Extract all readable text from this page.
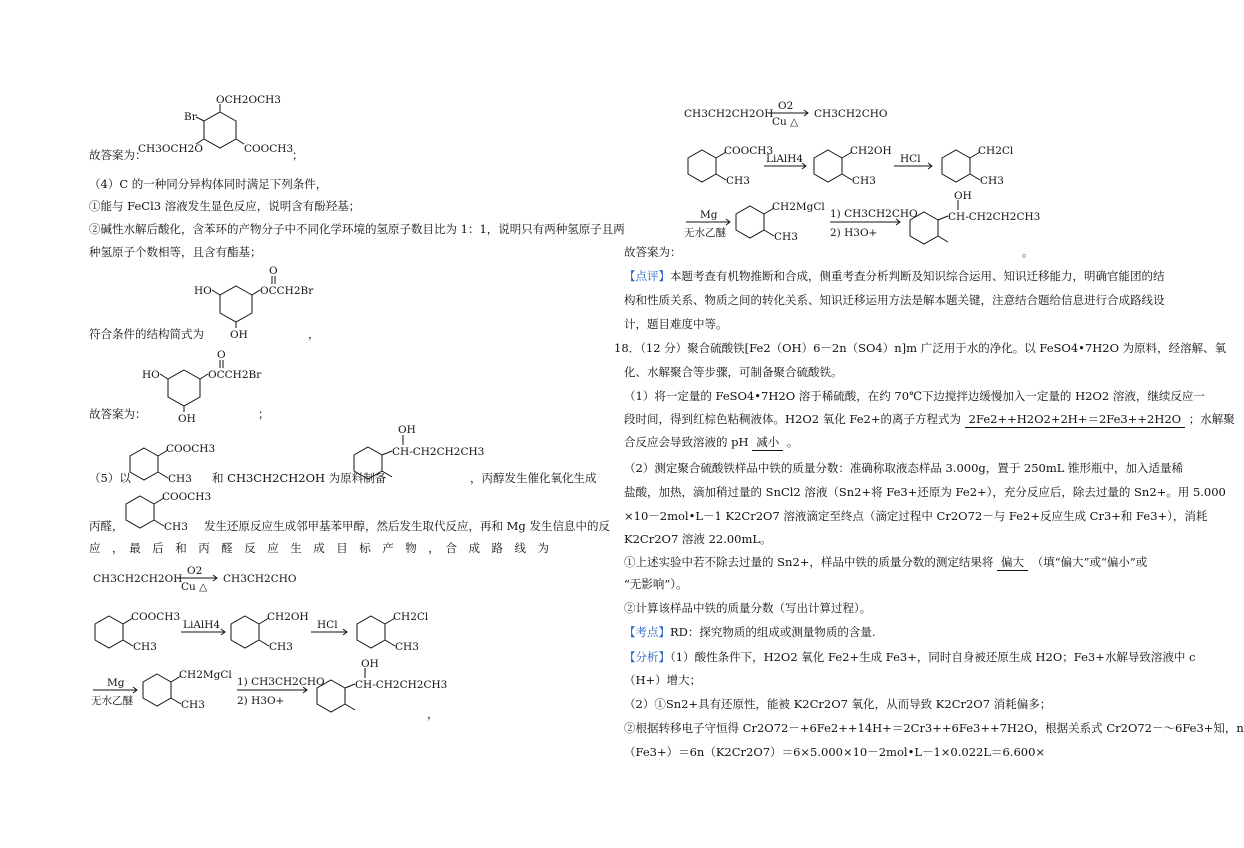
OCH2OCH3
Br
CH3OCH2O	COOCH3
故答案为：	；
（4）C 的一种同分异构体同时满足下列条件，
①能与 FeCl3 溶液发生显色反应，说明含有酚羟基；
②碱性水解后酸化，含苯环的产物分子中不同化学环境的氢原子数目比为 1：1，说明只有两种氢原子且两
种氢原子个数相等，且含有酯基；
HO
OH
O
OCCH2Br
符合条件的结构简式为	，
HO
OH
O
OCCH2Br
故答案为：	；
COOCH3
CH3
（5）以	和 CH3CH2CH2OH 为原料制备
OH
CH-CH2CH2CH3
，丙醇发生催化氧化生成
COOCH3
CH3
丙醛，	发生还原反应生成邻甲基苯甲醇，然后发生取代反应，再和 Mg 发生信息中的反
应　，　最　后　和　丙　醛　反　应　生　成　目　标　产　物　，　合　成　路　线　为
CH3CH2CH2OH
O2
Cu △
CH3CH2CHO
COOCH3
CH3
LiAlH4
CH2OH
CH3
HCl
CH2Cl
CH3
Mg
无水乙醚
CH2MgCl
CH3
1) CH3CH2CHO
2) H3O+
OH
CH-CH2CH2CH3
，
CH3CH2CH2OH
O2
Cu △
CH3CH2CHO
COOCH3
CH3
LiAlH4
CH2OH
CH3
HCl
CH2Cl
CH3
Mg
无水乙醚
CH2MgCl
CH3
1) CH3CH2CHO
2) H3O+
OH
CH-CH2CH2CH3
故答案为：	。
【点评】本题考查有机物推断和合成，侧重考查分析判断及知识综合运用、知识迁移能力，明确官能团的结
构和性质关系、物质之间的转化关系、知识迁移运用方法是解本题关键，注意结合题给信息进行合成路线设
计，题目难度中等。
18．（12 分）聚合硫酸铁[Fe2（OH）6－2n（SO4）n]m 广泛用于水的净化。以 FeSO4•7H2O 为原料，经溶解、氧
化、水解聚合等步骤，可制备聚合硫酸铁。
（1）将一定量的 FeSO4•7H2O 溶于稀硫酸，在约 70℃下边搅拌边缓慢加入一定量的 H2O2 溶液，继续反应一
段时间，得到红棕色粘稠液体。H2O2 氧化 Fe2+的离子方程式为 2Fe2++H2O2+2H+＝2Fe3++2H2O ；水解聚
合反应会导致溶液的 pH 减小 。
（2）测定聚合硫酸铁样品中铁的质量分数：准确称取液态样品 3.000g，置于 250mL 锥形瓶中，加入适量稀
盐酸，加热，滴加稍过量的 SnCl2 溶液（Sn2+将 Fe3+还原为 Fe2+），充分反应后，除去过量的 Sn2+。用 5.000
×10－2mol•L－1 K2Cr2O7 溶液滴定至终点（滴定过程中 Cr2O72－与 Fe2+反应生成 Cr3+和 Fe3+），消耗
K2Cr2O7 溶液 22.00mL。
①上述实验中若不除去过量的 Sn2+，样品中铁的质量分数的测定结果将 偏大 （填“偏大”或“偏小”或
“无影响”）。
②计算该样品中铁的质量分数（写出计算过程）。
【考点】RD：探究物质的组成或测量物质的含量.
【分析】（1）酸性条件下，H2O2 氧化 Fe2+生成 Fe3+，同时自身被还原生成 H2O；Fe3+水解导致溶液中 c
（H+）增大；
（2）①Sn2+具有还原性，能被 K2Cr2O7 氧化，从而导致 K2Cr2O7 消耗偏多；
②根据转移电子守恒得 Cr2O72－+6Fe2++14H+＝2Cr3++6Fe3++7H2O，根据关系式 Cr2O72－～6Fe3+知，n
（Fe3+）＝6n（K2Cr2O7）＝6×5.000×10－2mol•L－1×0.022L＝6.600×
